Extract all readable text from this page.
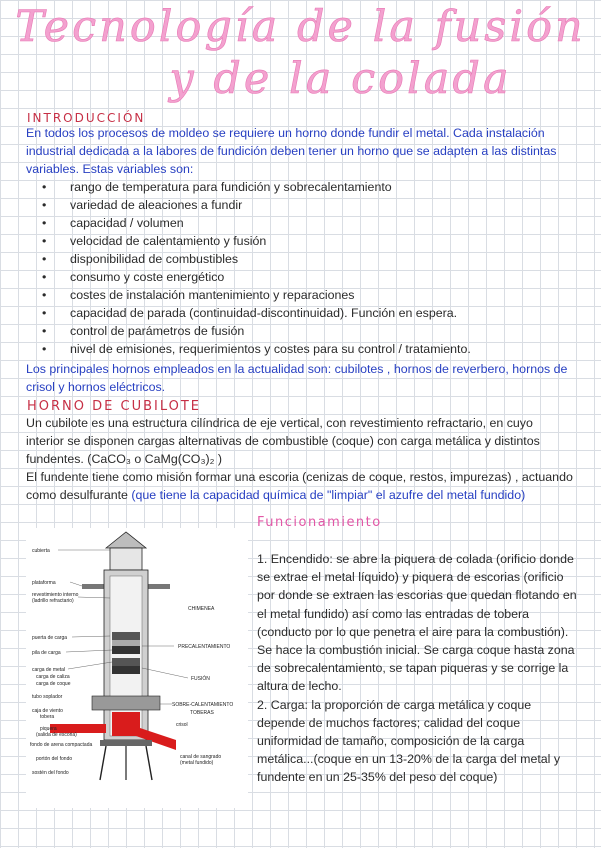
Tecnología de la fusión
y de la colada
INTRODUCCIÓN
En todos los procesos de moldeo se requiere un horno donde fundir el metal. Cada instalación industrial dedicada a la labores de fundición deben tener un horno que se adapten a las distintas variables. Estas variables son:
• rango de temperatura para fundición y sobrecalentamiento
• variedad de aleaciones a fundir
• capacidad / volumen
• velocidad de calentamiento y fusión
• disponibilidad de combustibles
• consumo y coste energético
• costes de instalación mantenimiento y reparaciones
• capacidad de parada (continuidad-discontinuidad). Función en espera.
• control de parámetros de fusión
• nivel de emisiones, requerimientos y costes para su control / tratamiento.
Los principales hornos empleados en la actualidad son: cubilotes , hornos de reverbero, hornos de crisol y hornos eléctricos.
HORNO DE CUBILOTE
Un cubilote es una estructura cilíndrica de eje vertical, con revestimiento refractario, en cuyo interior se disponen cargas alternativas de combustible (coque) con carga metálica y distintos fundentes. (CaCO₃ o CaMg(CO₃)₂ )
El fundente tiene como misión formar una escoria (cenizas de coque, restos, impurezas) , actuando como desulfurante (que tiene la capacidad química de "limpiar" el azufre del metal fundido)
Funcionamiento
cubierta
plataforma
revestimiento interno
(ladrillo refractario)
puerta de carga
pila de carga
carga de metal
carga de caliza
carga de coque
tubo soplador
caja de viento
tobera
piquera
(salida de escoria)
fondo de arena compactada
portón del fondo
sostén del fondo
CHIMENEA
PRECALENTAMIENTO
FUSIÓN
SOBRE-CALENTAMIENTO
TOBERAS
crisol
canal de sangrado
(metal fundido)

1. Encendido: se abre la piquera de colada (orificio donde se extrae el metal líquido) y piquera de escorias (orificio por donde se extraen las escorias que quedan flotando en el metal fundido) así como las entradas de tobera (conducto por lo que penetra el aire para la combustión). Se hace la combustión inicial. Se carga coque hasta zona de sobrecalentamiento, se tapan piqueras y se corrige la altura de lecho.

2. Carga: la proporción de carga metálica y coque depende de muchos factores; calidad del coque uniformidad de tamaño, composición de la carga metálica...(coque en un 13-20% de la carga del metal y fundente en un 25-35% del peso del coque)
